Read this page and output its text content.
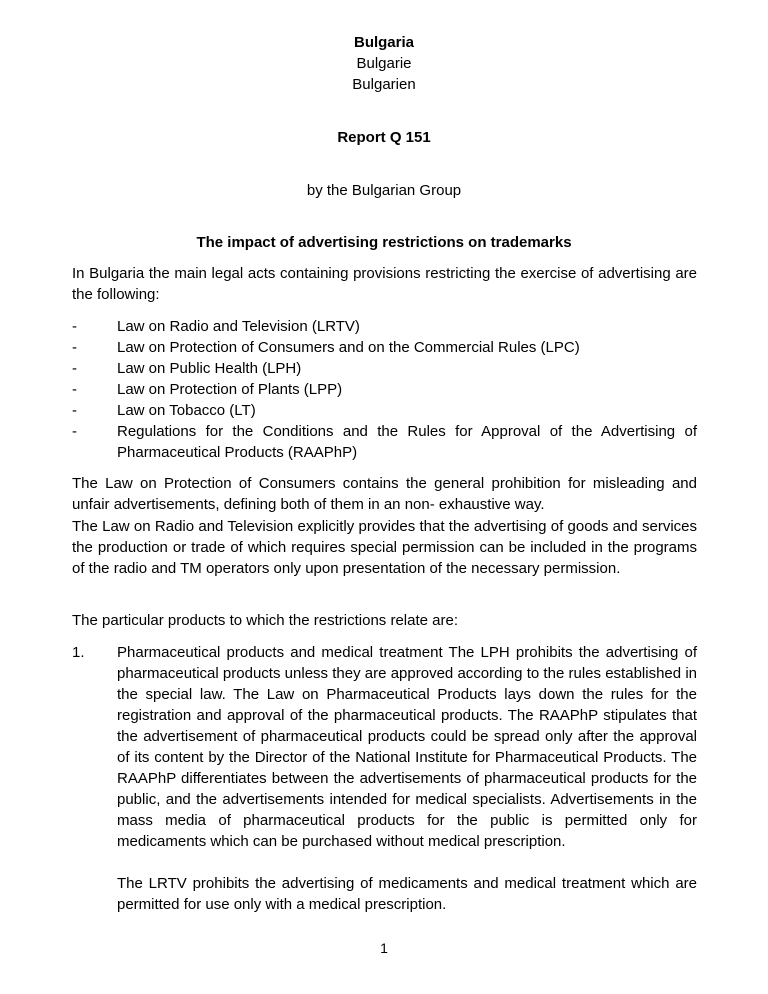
Bulgaria
Bulgarie
Bulgarien
Report Q 151
by the Bulgarian Group
The impact of advertising restrictions on trademarks

In Bulgaria the main legal acts containing provisions restricting the exercise of advertising are the following:

-	Law on Radio and Television (LRTV)
-	Law on Protection of Consumers and on the Commercial Rules (LPC)
-	Law on Public Health (LPH)
-	Law on Protection of Plants (LPP)
-	Law on Tobacco (LT)
-	Regulations for the Conditions and the Rules for Approval of the Advertising of Pharmaceutical Products (RAAPhP)

The Law on Protection of Consumers contains the general prohibition for misleading and unfair advertisements, defining both of them in an non- exhaustive way.

The Law on Radio and Television explicitly provides that the advertising of goods and services the production or trade of which requires special permission can be included in the programs of the radio and TM operators only upon presentation of the necessary permission.

The particular products to which the restrictions relate are:

1. Pharmaceutical products and medical treatment The LPH prohibits the advertising of pharmaceutical products unless they are approved according to the rules established in the special law. The Law on Pharmaceutical Products lays down the rules for the registration and approval of the pharmaceutical products. The RAAPhP stipulates that the advertisement of pharmaceutical products could be spread only after the approval of its content by the Director of the National Institute for Pharmaceutical Products. The RAAPhP differentiates between the advertisements of pharmaceutical products for the public, and the advertisements intended for medical specialists. Advertisements in the mass media of pharmaceutical products for the public is permitted only for medicaments which can be purchased without medical prescription.
The LRTV prohibits the advertising of medicaments and medical treatment which are permitted for use only with a medical prescription.
1
